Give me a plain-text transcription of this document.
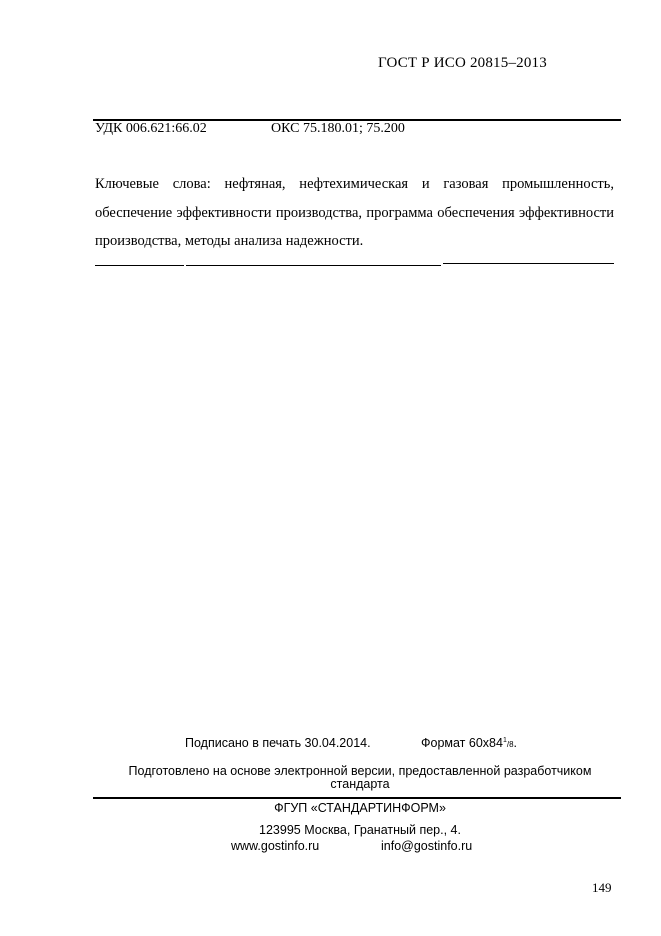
ГОСТ Р ИСО 20815–2013
УДК 006.621:66.02	ОКС 75.180.01; 75.200
Ключевые слова: нефтяная, нефтехимическая и газовая промышленность, обеспечение эффективности производства, программа обеспечения эффективности производства, методы анализа надежности.
Подписано в печать 30.04.2014.	Формат $60х84^1/8$.
Подготовлено на основе электронной версии, предоставленной разработчиком стандарта
ФГУП «СТАНДАРТИНФОРМ»
123995 Москва, Гранатный пер., 4.
www.gostinfo.ru	info@gostinfo.ru
149
